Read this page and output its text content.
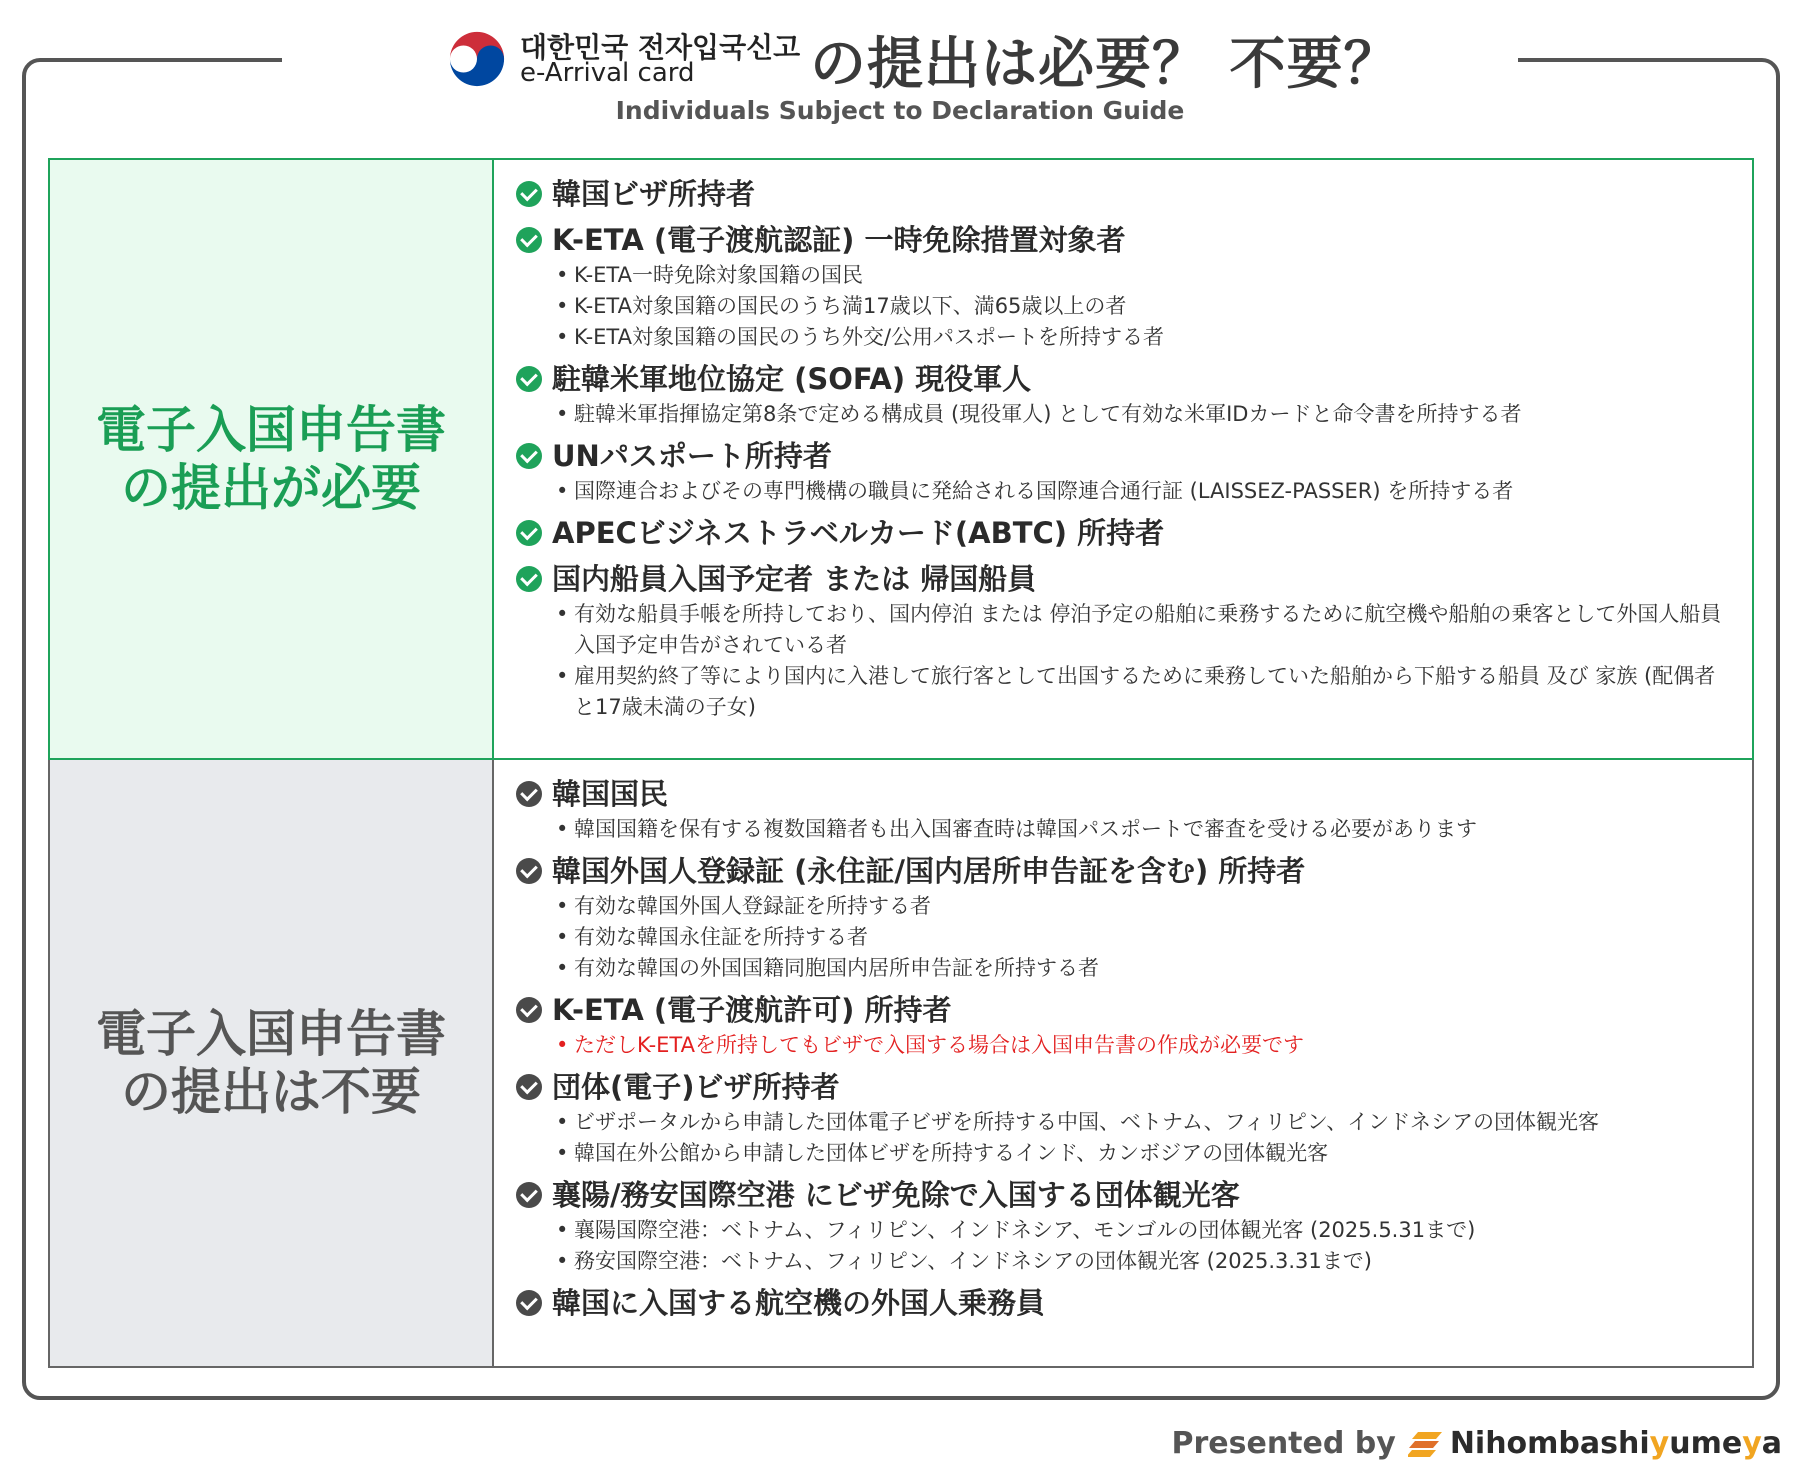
대한민국 전자입국신고
e-Arrival card の提出は必要？ 不要？
Individuals Subject to Declaration Guide
電子入国申告書
の提出が必要
韓国ビザ所持者
K-ETA (電子渡航認証) 一時免除措置対象者
• K-ETA一時免除対象国籍の国民
• K-ETA対象国籍の国民のうち満17歳以下、満65歳以上の者
• K-ETA対象国籍の国民のうち外交/公用パスポートを所持する者
駐韓米軍地位協定 (SOFA) 現役軍人
• 駐韓米軍指揮協定第8条で定める構成員 (現役軍人) として有効な米軍IDカードと命令書を所持する者
UNパスポート所持者
• 国際連合およびその専門機構の職員に発給される国際連合通行証 (LAISSEZ-PASSER) を所持する者
APECビジネストラベルカード(ABTC) 所持者
国内船員入国予定者 または 帰国船員
• 有効な船員手帳を所持しており、国内停泊 または 停泊予定の船舶に乗務するために航空機や船舶の乗客として外国人船員入国予定申告がされている者
• 雇用契約終了等により国内に入港して旅行客として出国するために乗務していた船舶から下船する船員 及び 家族 (配偶者と17歳未満の子女)
電子入国申告書
の提出は不要
韓国国民
• 韓国国籍を保有する複数国籍者も出入国審査時は韓国パスポートで審査を受ける必要があります
韓国外国人登録証 (永住証/国内居所申告証を含む) 所持者
• 有効な韓国外国人登録証を所持する者
• 有効な韓国永住証を所持する者
• 有効な韓国の外国国籍同胞国内居所申告証を所持する者
K-ETA (電子渡航許可) 所持者
• ただしK-ETAを所持してもビザで入国する場合は入国申告書の作成が必要です
団体(電子)ビザ所持者
• ビザポータルから申請した団体電子ビザを所持する中国、ベトナム、フィリピン、インドネシアの団体観光客
• 韓国在外公館から申請した団体ビザを所持するインド、カンボジアの団体観光客
襄陽/務安国際空港 にビザ免除で入国する団体観光客
• 襄陽国際空港：ベトナム、フィリピン、インドネシア、モンゴルの団体観光客 (2025.5.31まで)
• 務安国際空港：ベトナム、フィリピン、インドネシアの団体観光客 (2025.3.31まで)
韓国に入国する航空機の外国人乗務員
Presented by Nihombashiyumeya
